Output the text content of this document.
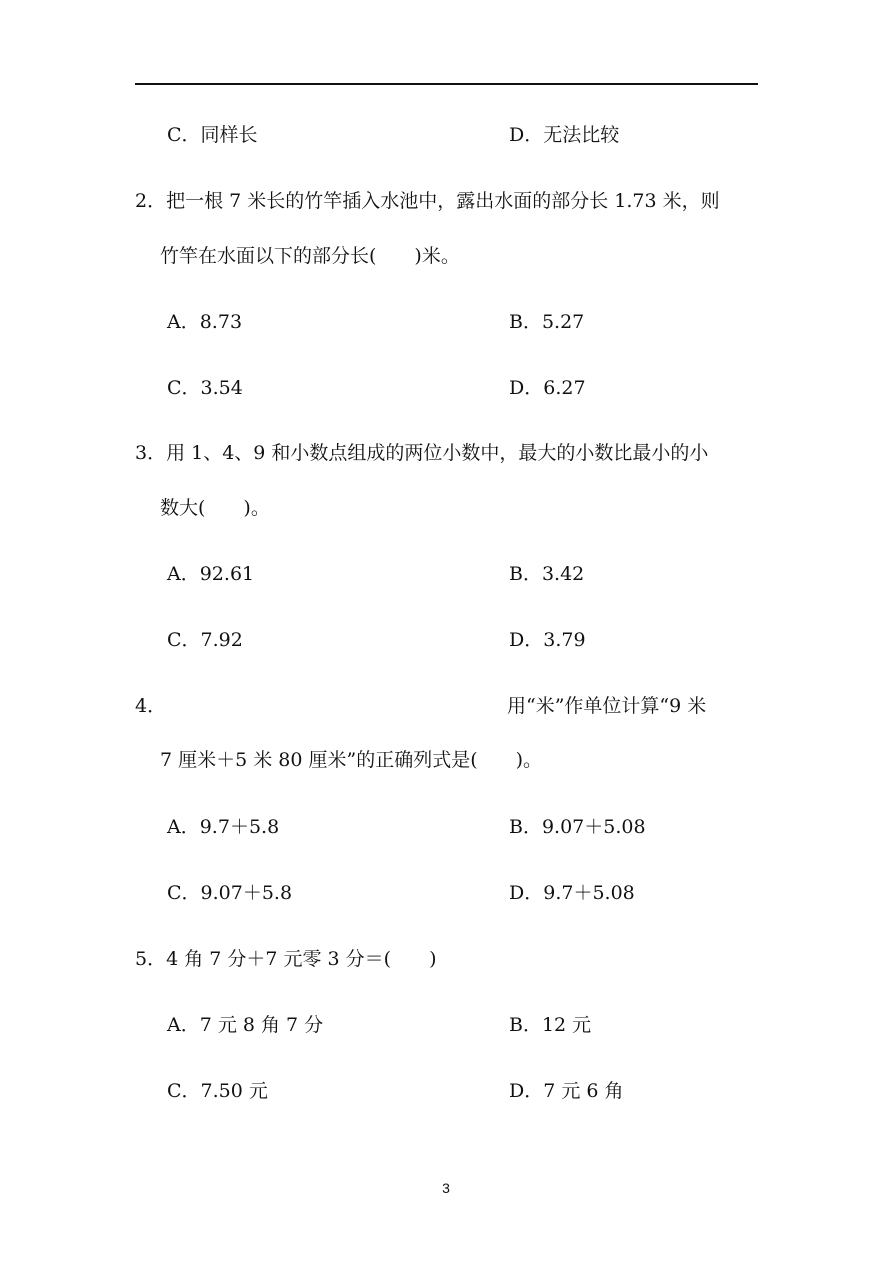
C．同样长	D．无法比较
2．把一根 7 米长的竹竿插入水池中，露出水面的部分长 1.73 米，则
竹竿在水面以下的部分长(　　)米。
A．8.73	B．5.27
C．3.54	D．6.27
3．用 1、4、9 和小数点组成的两位小数中，最大的小数比最小的小
数大(　　)。
A．92.61	B．3.42
C．7.92	D．3.79
4．	用“米”作单位计算“9 米
7 厘米＋5 米 80 厘米”的正确列式是(　　)。
A．9.7＋5.8	B．9.07＋5.08
C．9.07＋5.8	D．9.7＋5.08
5．4 角 7 分＋7 元零 3 分＝(　　)
A．7 元 8 角 7 分	B．12 元
C．7.50 元	D．7 元 6 角
3
